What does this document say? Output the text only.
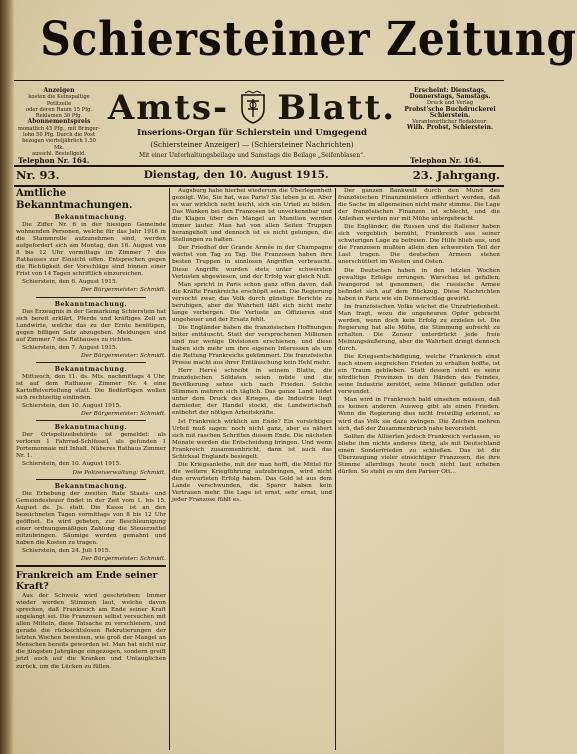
Schiersteiner Zeitung
Anzeigen
kosten die Keinspaltige Petitzeile
oder deren Raum 15 Pfg.
Reklamen 30 Pfg.
Abonnementspreis
monatlich 45 Pfg., mit Bringer-
lohn 50 Pfg. Durch die Post
bezogen vierteljährlich 1.50 Mk.
ausschl. Bestellgeld.
Amts- Blatt.
Inserions-Organ für Schierstein und Umgegend
(Schiersteiner Anzeiger) — (Schiersteiner Nachrichten)
Mit einer Unterhaltungsbeilage und Samstags die Beilage „Seifenblasen“.
Erscheint: Dienstags,
Donnerstags, Samstags.
Druck und Verlag
Probst'sche Buchdruckerei
Schierstein.
Verantwortlicher Redakteur:
Wilh. Probst, Schierstein.
Telephon Nr. 164.	Telephon Nr. 164.
Nr. 93.	Dienstag, den 10. August 1915.	23. Jahrgang.

Amtliche Bekanntmachungen.

Bekanntmachung.

Die Ziffer Nr. 6 in der hiesigen Gemeinde wohnenden Personen, welche für das Jahr 1916 in die Stammrolle aufzunehmen sind, werden aufgefordert sich am Montag, den 16. August von 8 bis 12 Uhr vormittags im Zimmer 7 des Rathauses zur Einsicht offen. Entsprechen gegen die Richtigkeit der Vorschläge sind binnen einer Frist von 14 Tagen schriftlich einzureichen.

Schierstein, den 6. August 1915.

Der Bürgermeister: Schmidt.

Bekanntmachung.

Das Erzeugnis in der Gemarkung Schierstein hat sich bereit erklärt, Pferde und kräftiges Zell an Landwirte, welche das zu der Ernte benötigen, gegen billigen Satz abzugeben. Meldungen sind auf Zimmer 7 des Rathauses zu richten.

Schierstein, den 7. August 1915.

Der Bürgermeister: Schmidt.

Bekanntmachung.

Mittwoch, den 11. ds. Mts. nachmittags 4 Uhr, ist auf dem Rathause Zimmer Nr. 4 eine Kartoffelverteilung statt. Die Bedürftigen wollen sich rechtzeitig einfinden.

Schierstein, den 10. August 1915.

Der Bürgermeister: Schmidt.

Bekanntmachung.

Der Ortspolizeibehörde ist gemeldet: als verloren 1 Fahrrad-Schlüssel, als gefunden 1 Portemonnaie mit Inhalt. Näheres Rathaus Zimmer Nr. 1.

Schierstein, den 10. August 1915.

Die Polizeiverwaltung: Schmidt.

Bekanntmachung.

Die Erhebung der zweiten Rate Staats- und Gemeindesteuer findet in der Zeit vom 1. bis 15. August ds. Js. statt. Die Kasse ist an den bezeichneten Tagen vormittags von 8 bis 12 Uhr geöffnet. Es wird gebeten, zur Beschleunigung einer ordnungsmäßigen Zahlung die Steuerzettel mitzubringen. Säumige werden gemahnt und haben die Kosten zu tragen.

Schierstein, den 24. Juli 1915.

Der Bürgermeister: Schmidt.

Frankreich am Ende seiner Kraft?

Aus der Schweiz wird geschrieben: Immer wieder werden Stimmen laut, welche davon sprechen, daß Frankreich am Ende seiner Kraft angelangt sei. Die Franzosen selbst versuchen mit allen Mitteln, diese Tatsache zu verschleiern, und gerade die rücksichtslosen Rekrutierungen der letzten Wochen beweisen, wie groß der Mangel an Menschen bereits geworden ist. Man hat nicht nur die jüngsten Jahrgänge eingezogen, sondern greift jetzt auch auf die Kranken und Untauglichen zurück, um die Lücken zu füllen.

Augsburg habe hierbei wiederum die Überlegenheit gezeigt. Wie, Sie hat, was Paris? Sie leben ja ei. Aber es war wirklich nicht leicht, sich ein Urteil zu bilden. Das Wanken bei den Franzosen ist unverkennbar und die Klagen über den Mangel an Munition werden immer lauter. Man hat von allen Seiten Truppen herangeholt und dennoch ist es nicht gelungen, die Stellungen zu halten.

Der Friedhof der Grande Armée in der Champagne wächst von Tag zu Tag. Die Franzosen haben ihre besten Truppen in sinnlosen Angriffen verbraucht. Diese Angriffe wurden stets unter schwersten Verlusten abgewiesen, und der Erfolg war gleich Null.

Man spricht in Paris schon ganz offen davon, daß die Kräfte Frankreichs erschöpft seien. Die Regierung versucht zwar, das Volk durch günstige Berichte zu beruhigen, aber die Wahrheit läßt sich nicht mehr lange verbergen. Die Verluste an Offizieren sind ungeheuer und der Ersatz fehlt.

Die Engländer haben die französischen Hoffnungen bitter enttäuscht. Statt der versprochenen Millionen sind nur wenige Divisionen erschienen, und diese haben sich mehr um ihre eigenen Interessen als um die Rettung Frankreichs gekümmert. Die französische Presse macht aus ihrer Enttäuschung kein Hehl mehr.

Herr Hervé schreibt in seinem Blatte, die französischen Soldaten seien müde und die Bevölkerung sehne sich nach Frieden. Solche Stimmen mehren sich täglich. Das ganze Land leidet unter dem Druck des Krieges, die Industrie liegt darnieder, der Handel stockt, die Landwirtschaft entbehrt der nötigen Arbeitskräfte.

Ist Frankreich wirklich am Ende? Ein vorsichtiges Urteil muß sagen: noch nicht ganz, aber es nähert sich mit raschen Schritten diesem Ende. Die nächsten Monate werden die Entscheidung bringen. Und wenn Frankreich zusammenbricht, dann ist auch das Schicksal Englands besiegelt.

Die Kriegsanleihe, mit der man hofft, die Mittel für die weitere Kriegführung aufzubringen, wird nicht den erwarteten Erfolg haben. Das Gold ist aus dem Lande verschwunden, die Sparer haben kein Vertrauen mehr. Die Lage ist ernst, sehr ernst, und jeder Franzose fühlt es.

Der ganzen Bankwelt durch den Mund des französischen Finanzministers offenbart worden, daß die Sache im allgemeinen nicht mehr stimme. Die Lage der französischen Finanzen ist schlecht, und die Anleihen werden nur mit Mühe untergebracht.

Die Engländer, die Russen und die Italiener haben sich vergeblich bemüht, Frankreich aus seiner schwierigen Lage zu befreien. Die Hilfe blieb aus, und die Franzosen mußten allein den schwersten Teil der Last tragen. Die deutschen Armeen stehen unerschüttert im Westen und Osten.

Die Deutschen haben in den letzten Wochen gewaltige Erfolge errungen. Warschau ist gefallen, Iwangorod ist genommen, die russische Armee befindet sich auf dem Rückzug. Diese Nachrichten haben in Paris wie ein Donnerschlag gewirkt.

Im französischen Volke wächst die Unzufriedenheit. Man fragt, wozu die ungeheuren Opfer gebracht werden, wenn doch kein Erfolg zu erzielen ist. Die Regierung hat alle Mühe, die Stimmung aufrecht zu erhalten. Die Zensur unterdrückt jede freie Meinungsäußerung, aber die Wahrheit dringt dennoch durch.

Die Kriegsentschädigung, welche Frankreich einst nach einem siegreichen Frieden zu erhalten hoffte, ist ein Traum geblieben. Statt dessen sieht es seine nördlichen Provinzen in den Händen des Feindes, seine Industrie zerstört, seine Männer gefallen oder verwundet.

Man wird in Frankreich bald einsehen müssen, daß es keinen anderen Ausweg gibt als einen Frieden. Wenn die Regierung dies nicht freiwillig erkennt, so wird das Volk sie dazu zwingen. Die Zeichen mehren sich, daß der Zusammenbruch nahe bevorsteht.

Sollten die Alliierten jedoch Frankreich verlassen, so bliebe ihm nichts anderes übrig, als mit Deutschland einen Sonderfrieden zu schließen. Das ist die Überzeugung vieler einsichtiger Franzosen, die ihre Stimme allerdings heute noch nicht laut erheben dürfen. So steht es um den Pariser Ott...
